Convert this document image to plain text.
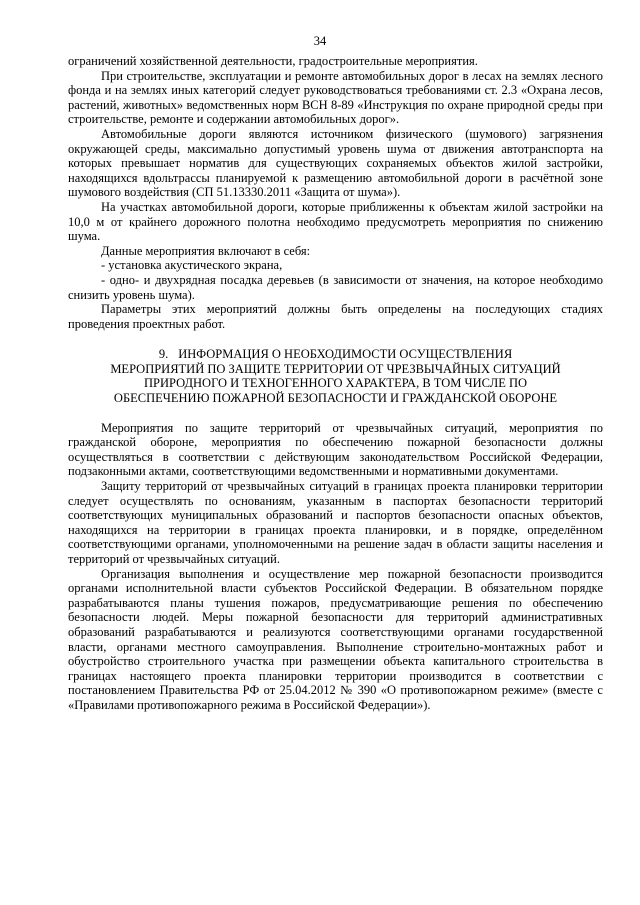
34

ограничений хозяйственной деятельности, градостроительные мероприятия.

При строительстве, эксплуатации и ремонте автомобильных дорог в лесах на землях лесного фонда и на землях иных категорий следует руководствоваться требованиями ст. 2.3 «Охрана лесов, растений, животных» ведомственных норм ВСН 8-89 «Инструкция по охране природной среды при строительстве, ремонте и содержании автомобильных дорог».

Автомобильные дороги являются источником физического (шумового) загрязнения окружающей среды, максимально допустимый уровень шума от движения автотранспорта на которых превышает норматив для существующих сохраняемых объектов жилой застройки, находящихся вдольтрассы планируемой к размещению автомобильной дороги в расчётной зоне шумового воздействия (СП 51.13330.2011 «Защита от шума»).

На участках автомобильной дороги, которые приближенны к объектам жилой застройки на 10,0 м от крайнего дорожного полотна необходимо предусмотреть мероприятия по снижению шума.

Данные мероприятия включают в себя:

- установка акустического экрана,

- одно- и двухрядная посадка деревьев (в зависимости от значения, на которое необходимо снизить уровень шума).

Параметры этих мероприятий должны быть определены на последующих стадиях проведения проектных работ.

9. ИНФОРМАЦИЯ О НЕОБХОДИМОСТИ ОСУЩЕСТВЛЕНИЯ
МЕРОПРИЯТИЙ ПО ЗАЩИТЕ ТЕРРИТОРИИ ОТ ЧРЕЗВЫЧАЙНЫХ СИТУАЦИЙ
ПРИРОДНОГО И ТЕХНОГЕННОГО ХАРАКТЕРА, В ТОМ ЧИСЛЕ ПО
ОБЕСПЕЧЕНИЮ ПОЖАРНОЙ БЕЗОПАСНОСТИ И ГРАЖДАНСКОЙ ОБОРОНЕ

Мероприятия по защите территорий от чрезвычайных ситуаций, мероприятия по гражданской обороне, мероприятия по обеспечению пожарной безопасности должны осуществляться в соответствии с действующим законодательством Российской Федерации, подзаконными актами, соответствующими ведомственными и нормативными документами.

Защиту территорий от чрезвычайных ситуаций в границах проекта планировки территории следует осуществлять по основаниям, указанным в паспортах безопасности территорий соответствующих муниципальных образований и паспортов безопасности опасных объектов, находящихся на территории в границах проекта планировки, и в порядке, определённом соответствующими органами, уполномоченными на решение задач в области защиты населения и территорий от чрезвычайных ситуаций.

Организация выполнения и осуществление мер пожарной безопасности производится органами исполнительной власти субъектов Российской Федерации. В обязательном порядке разрабатываются планы тушения пожаров, предусматривающие решения по обеспечению безопасности людей. Меры пожарной безопасности для территорий административных образований разрабатываются и реализуются соответствующими органами государственной власти, органами местного самоуправления. Выполнение строительно-монтажных работ и обустройство строительного участка при размещении объекта капитального строительства в границах настоящего проекта планировки территории производится в соответствии с постановлением Правительства РФ от 25.04.2012 № 390 «О противопожарном режиме» (вместе с «Правилами противопожарного режима в Российской Федерации»).
